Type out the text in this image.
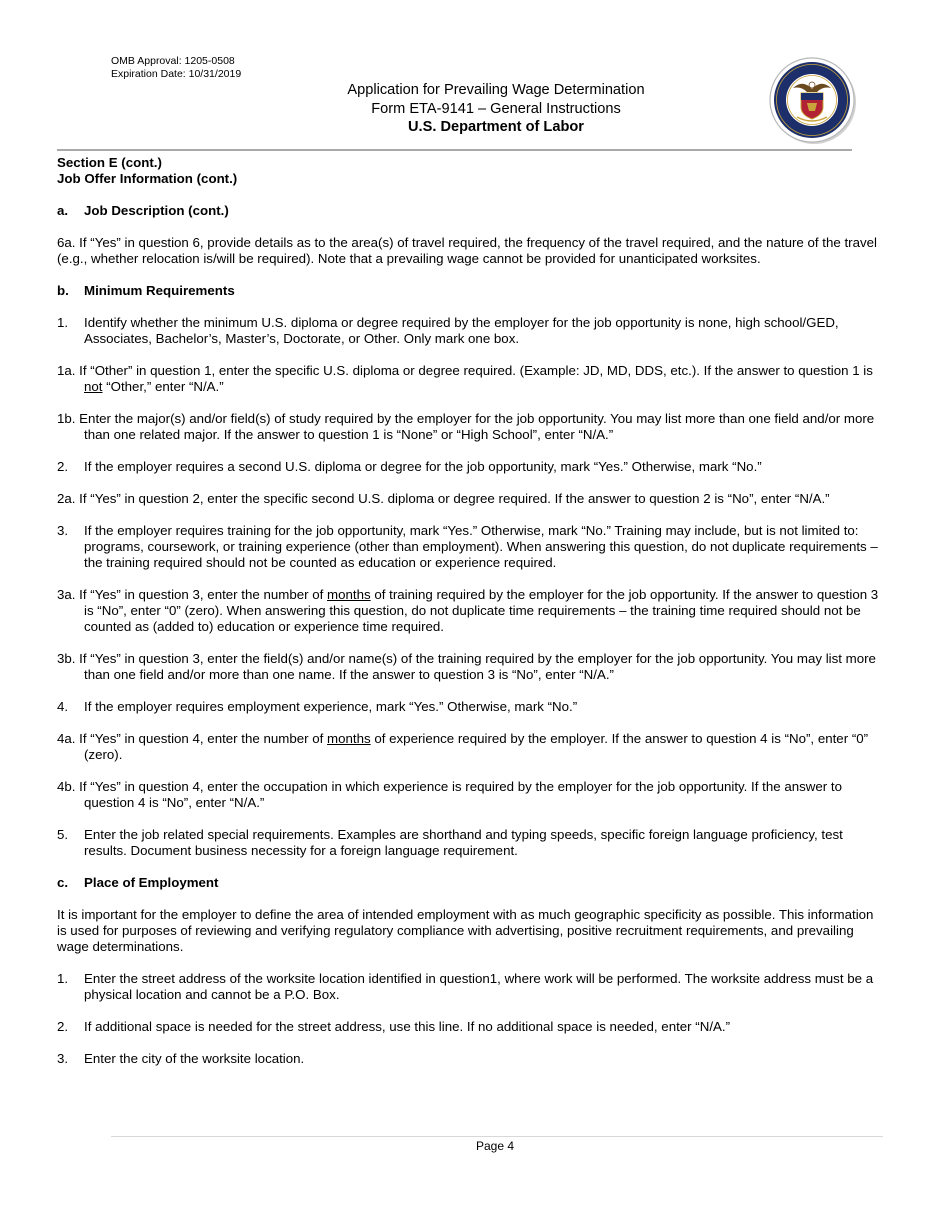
OMB Approval: 1205-0508
Expiration Date: 10/31/2019
Application for Prevailing Wage Determination
Form ETA-9141 – General Instructions
U.S. Department of Labor

Section E (cont.)

Job Offer Information (cont.)

a. Job Description (cont.)

6a. If “Yes” in question 6, provide details as to the area(s) of travel required, the frequency of the travel required, and the nature of the travel (e.g., whether relocation is/will be required). Note that a prevailing wage cannot be provided for unanticipated worksites.

b. Minimum Requirements

1. Identify whether the minimum U.S. diploma or degree required by the employer for the job opportunity is none, high school/GED, Associates, Bachelor’s, Master’s, Doctorate, or Other. Only mark one box.

1a. If “Other” in question 1, enter the specific U.S. diploma or degree required. (Example: JD, MD, DDS, etc.). If the answer to question 1 is not “Other,” enter “N/A.”

1b. Enter the major(s) and/or field(s) of study required by the employer for the job opportunity. You may list more than one field and/or more than one related major. If the answer to question 1 is “None” or “High School”, enter “N/A.”

2. If the employer requires a second U.S. diploma or degree for the job opportunity, mark “Yes.” Otherwise, mark “No.”

2a. If “Yes” in question 2, enter the specific second U.S. diploma or degree required. If the answer to question 2 is “No”, enter “N/A.”

3. If the employer requires training for the job opportunity, mark “Yes.” Otherwise, mark “No.” Training may include, but is not limited to: programs, coursework, or training experience (other than employment). When answering this question, do not duplicate requirements – the training required should not be counted as education or experience required.

3a. If “Yes” in question 3, enter the number of months of training required by the employer for the job opportunity. If the answer to question 3 is “No”, enter “0” (zero). When answering this question, do not duplicate time requirements – the training time required should not be counted as (added to) education or experience time required.

3b. If “Yes” in question 3, enter the field(s) and/or name(s) of the training required by the employer for the job opportunity. You may list more than one field and/or more than one name. If the answer to question 3 is “No”, enter “N/A.”

4. If the employer requires employment experience, mark “Yes.” Otherwise, mark “No.”

4a. If “Yes” in question 4, enter the number of months of experience required by the employer. If the answer to question 4 is “No”, enter “0” (zero).

4b. If “Yes” in question 4, enter the occupation in which experience is required by the employer for the job opportunity. If the answer to question 4 is “No”, enter “N/A.”

5. Enter the job related special requirements. Examples are shorthand and typing speeds, specific foreign language proficiency, test results. Document business necessity for a foreign language requirement.

c. Place of Employment

It is important for the employer to define the area of intended employment with as much geographic specificity as possible. This information is used for purposes of reviewing and verifying regulatory compliance with advertising, positive recruitment requirements, and prevailing wage determinations.

1. Enter the street address of the worksite location identified in question1, where work will be performed. The worksite address must be a physical location and cannot be a P.O. Box.

2. If additional space is needed for the street address, use this line. If no additional space is needed, enter “N/A.”

3. Enter the city of the worksite location.

Page 4
